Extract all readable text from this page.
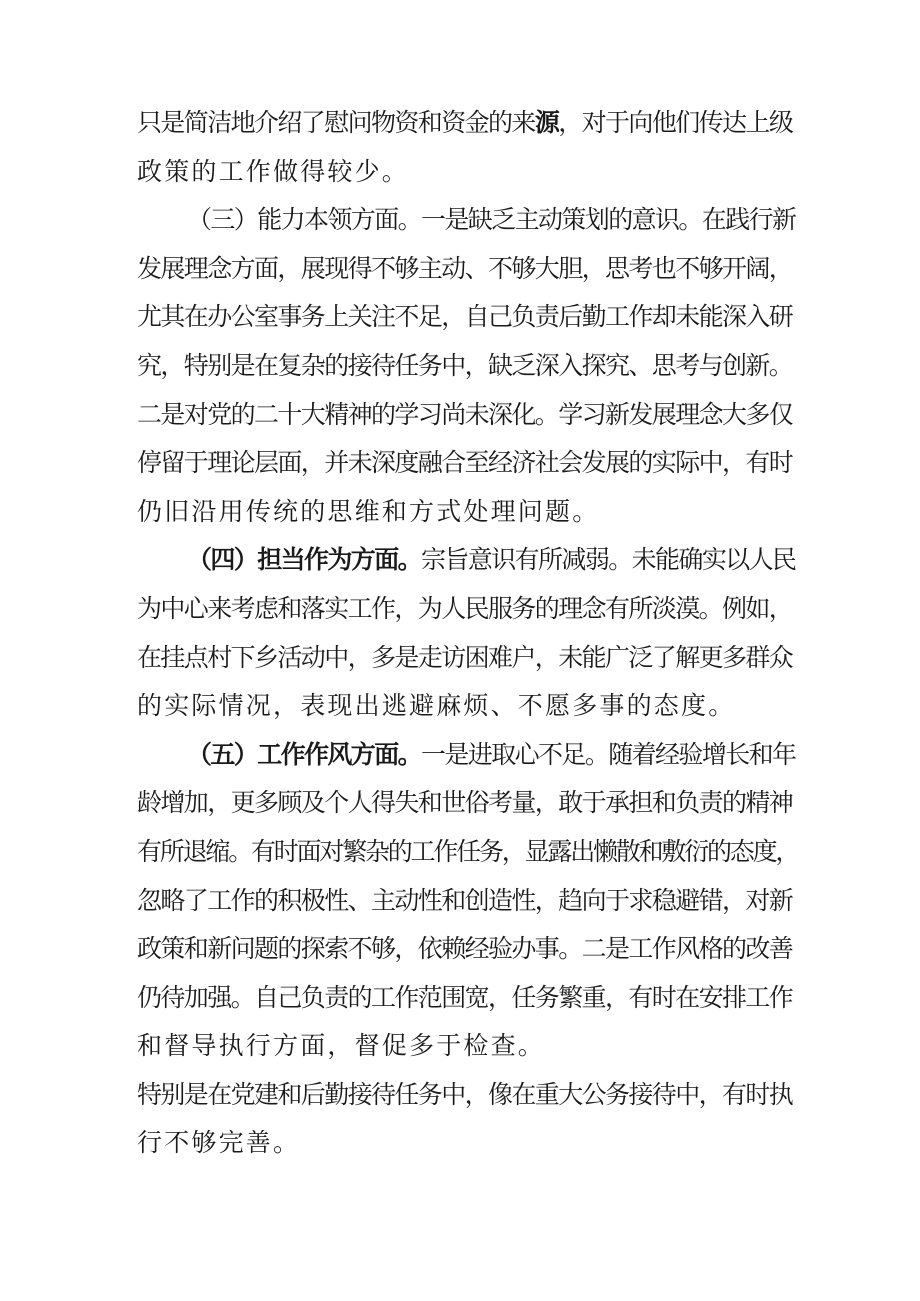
只是简洁地介绍了慰问物资和资金的来源，对于向他们传达上级
政策的工作做得较少。
（三）能力本领方面。一是缺乏主动策划的意识。在践行新
发展理念方面，展现得不够主动、不够大胆，思考也不够开阔，
尤其在办公室事务上关注不足，自己负责后勤工作却未能深入研
究，特别是在复杂的接待任务中，缺乏深入探究、思考与创新。
二是对党的二十大精神的学习尚未深化。学习新发展理念大多仅
停留于理论层面，并未深度融合至经济社会发展的实际中，有时
仍旧沿用传统的思维和方式处理问题。
（四）担当作为方面。宗旨意识有所减弱。未能确实以人民
为中心来考虑和落实工作，为人民服务的理念有所淡漠。例如，
在挂点村下乡活动中，多是走访困难户，未能广泛了解更多群众
的实际情况，表现出逃避麻烦、不愿多事的态度。
（五）工作作风方面。一是进取心不足。随着经验增长和年
龄增加，更多顾及个人得失和世俗考量，敢于承担和负责的精神
有所退缩。有时面对繁杂的工作任务，显露出懒散和敷衍的态度，
忽略了工作的积极性、主动性和创造性，趋向于求稳避错，对新
政策和新问题的探索不够，依赖经验办事。二是工作风格的改善
仍待加强。自己负责的工作范围宽，任务繁重，有时在安排工作
和督导执行方面，督促多于检查。
特别是在党建和后勤接待任务中，像在重大公务接待中，有时执
行不够完善。
